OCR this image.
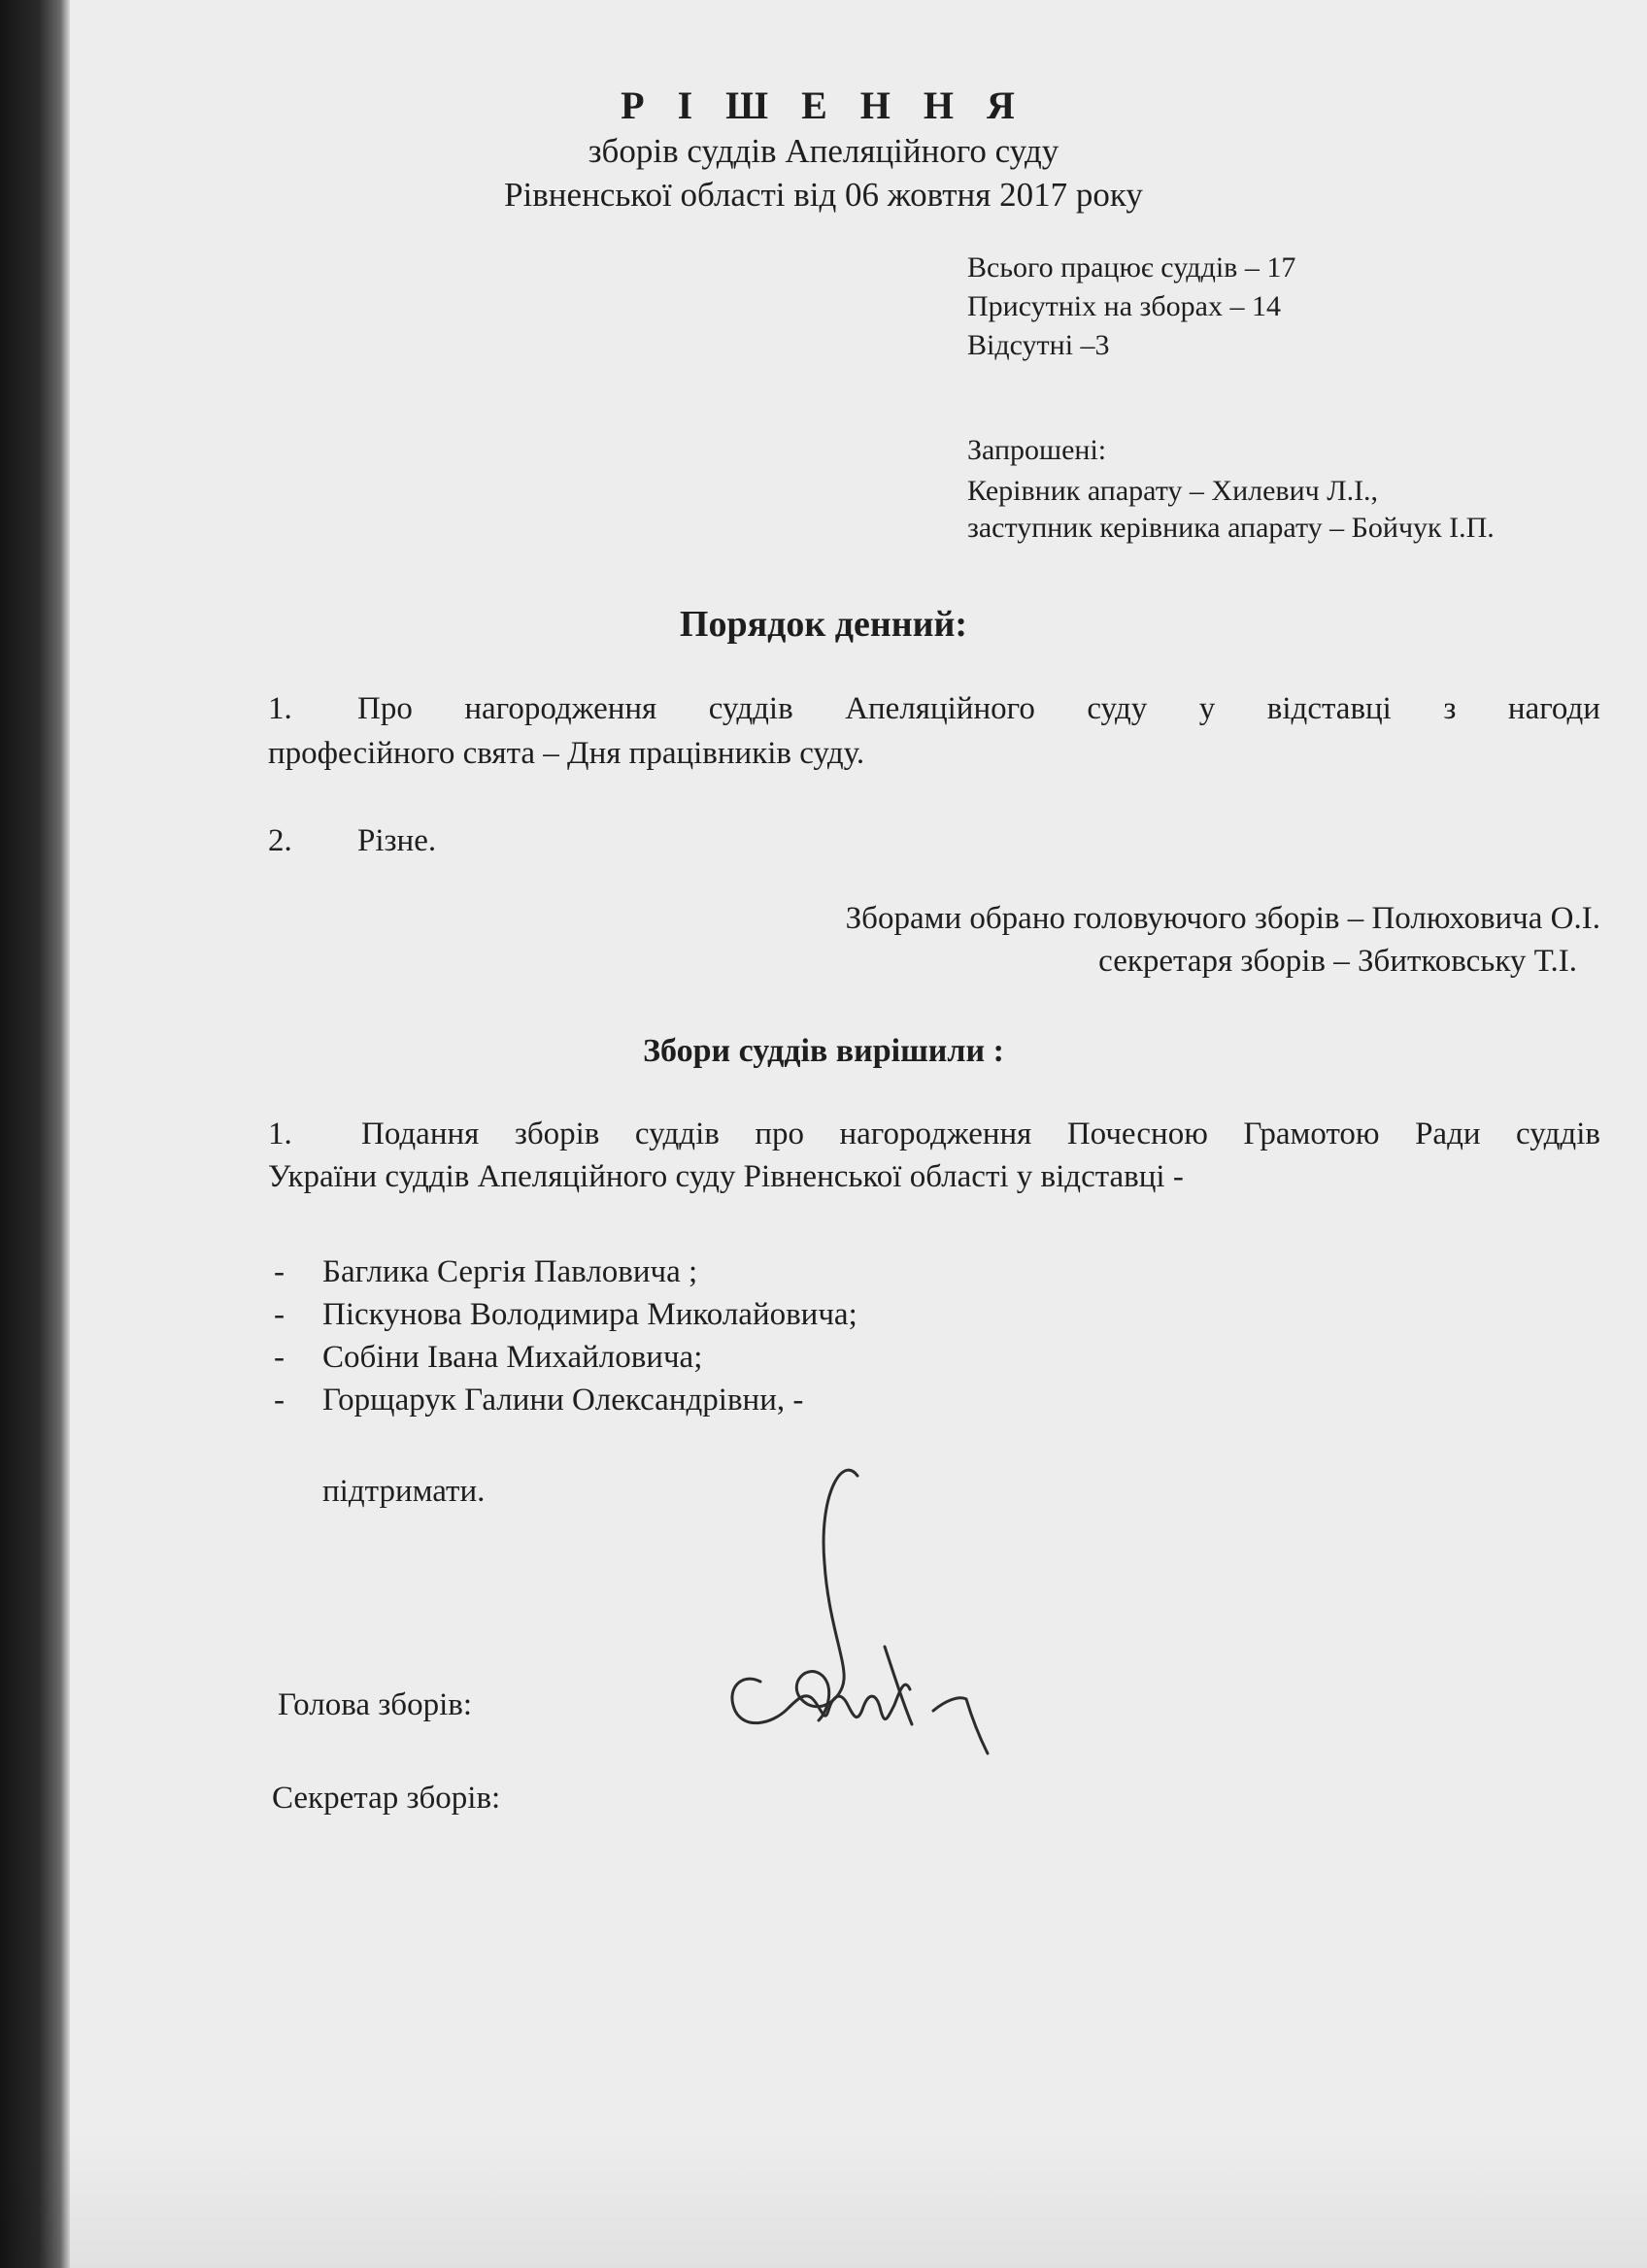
Р І Ш Е Н Н Я
зборів суддів Апеляційного суду
Рівненської області від 06 жовтня 2017 року
Всього працює суддів – 17
Присутніх на зборах – 14
Відсутні –3
Запрошені:
Керівник апарату – Хилевич Л.І.,
заступник керівника апарату – Бойчук І.П.
Порядок денний:
1. Про нагородження суддів Апеляційного суду у відставці з нагоди
професійного свята – Дня працівників суду.
2. Різне.
Зборами обрано головуючого зборів – Полюховича О.І.
секретаря зборів – Збитковську Т.І.
Збори суддів вирішили :
1. Подання зборів суддів про нагородження Почесною Грамотою Ради суддів
України суддів Апеляційного суду Рівненської області у відставці -
- Баглика Сергія Павловича ;
- Піскунова Володимира Миколайовича;
- Собіни Івана Михайловича;
- Горщарук Галини Олександрівни, -
підтримати.
Голова зборів:
Секретар зборів:
